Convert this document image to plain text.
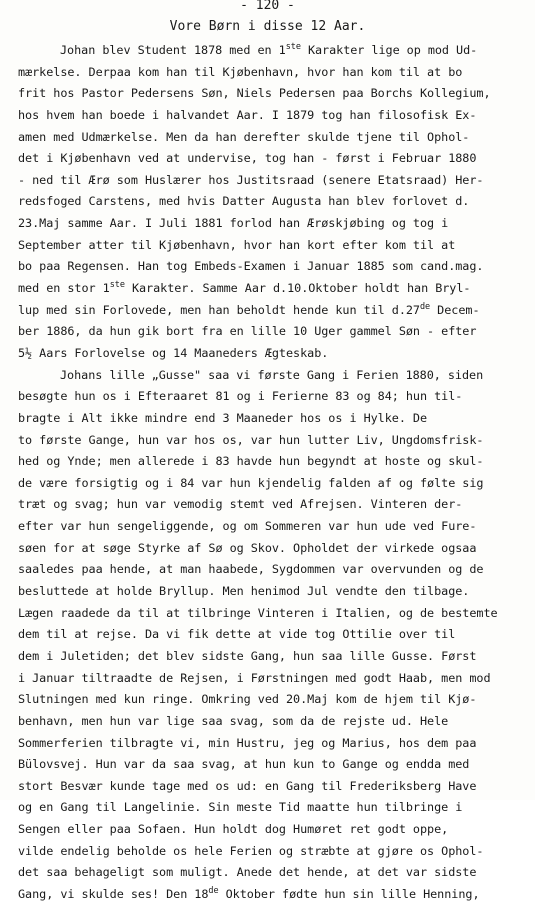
- 120 -
Vore Børn i disse 12 Aar.
Johan blev Student 1878 med en 1ste Karakter lige op mod Ud-
mærkelse. Derpaa kom han til Kjøbenhavn, hvor han kom til at bo
frit hos Pastor Pedersens Søn, Niels Pedersen paa Borchs Kollegium,
hos hvem han boede i halvandet Aar. I 1879 tog han filosofisk Ex-
amen med Udmærkelse. Men da han derefter skulde tjene til Ophol-
det i Kjøbenhavn ved at undervise, tog han - først i Februar 1880
- ned til Ærø som Huslærer hos Justitsraad (senere Etatsraad) Her-
redsfoged Carstens, med hvis Datter Augusta han blev forlovet d.
23.Maj samme Aar. I Juli 1881 forlod han Ærøskjøbing og tog i
September atter til Kjøbenhavn, hvor han kort efter kom til at
bo paa Regensen. Han tog Embeds-Examen i Januar 1885 som cand.mag.
med en stor 1ste Karakter. Samme Aar d.10.Oktober holdt han Bryl-
lup med sin Forlovede, men han beholdt hende kun til d.27de Decem-
ber 1886, da hun gik bort fra en lille 10 Uger gammel Søn - efter
5½ Aars Forlovelse og 14 Maaneders Ægteskab.
Johans lille „Gusse" saa vi første Gang i Ferien 1880, siden
besøgte hun os i Efteraaret 81 og i Ferierne 83 og 84; hun til-
bragte i Alt ikke mindre end 3 Maaneder hos os i Hylke. De
to første Gange, hun var hos os, var hun lutter Liv, Ungdomsfrisk-
hed og Ynde; men allerede i 83 havde hun begyndt at hoste og skul-
de være forsigtig og i 84 var hun kjendelig falden af og følte sig
træt og svag; hun var vemodig stemt ved Afrejsen. Vinteren der-
efter var hun sengeliggende, og om Sommeren var hun ude ved Fure-
søen for at søge Styrke af Sø og Skov. Opholdet der virkede ogsaa
saaledes paa hende, at man haabede, Sygdommen var overvunden og de
besluttede at holde Bryllup. Men henimod Jul vendte den tilbage.
Lægen raadede da til at tilbringe Vinteren i Italien, og de bestemte
dem til at rejse. Da vi fik dette at vide tog Ottilie over til
dem i Juletiden; det blev sidste Gang, hun saa lille Gusse. Først
i Januar tiltraadte de Rejsen, i Førstningen med godt Haab, men mod
Slutningen med kun ringe. Omkring ved 20.Maj kom de hjem til Kjø-
benhavn, men hun var lige saa svag, som da de rejste ud. Hele
Sommerferien tilbragte vi, min Hustru, jeg og Marius, hos dem paa
Bülovsvej. Hun var da saa svag, at hun kun to Gange og endda med
stort Besvær kunde tage med os ud: en Gang til Frederiksberg Have
og en Gang til Langelinie. Sin meste Tid maatte hun tilbringe i
Sengen eller paa Sofaen. Hun holdt dog Humøret ret godt oppe,
vilde endelig beholde os hele Ferien og stræbte at gjøre os Ophol-
det saa behageligt som muligt. Anede det hende, at det var sidste
Gang, vi skulde ses! Den 18de Oktober fødte hun sin lille Henning,
